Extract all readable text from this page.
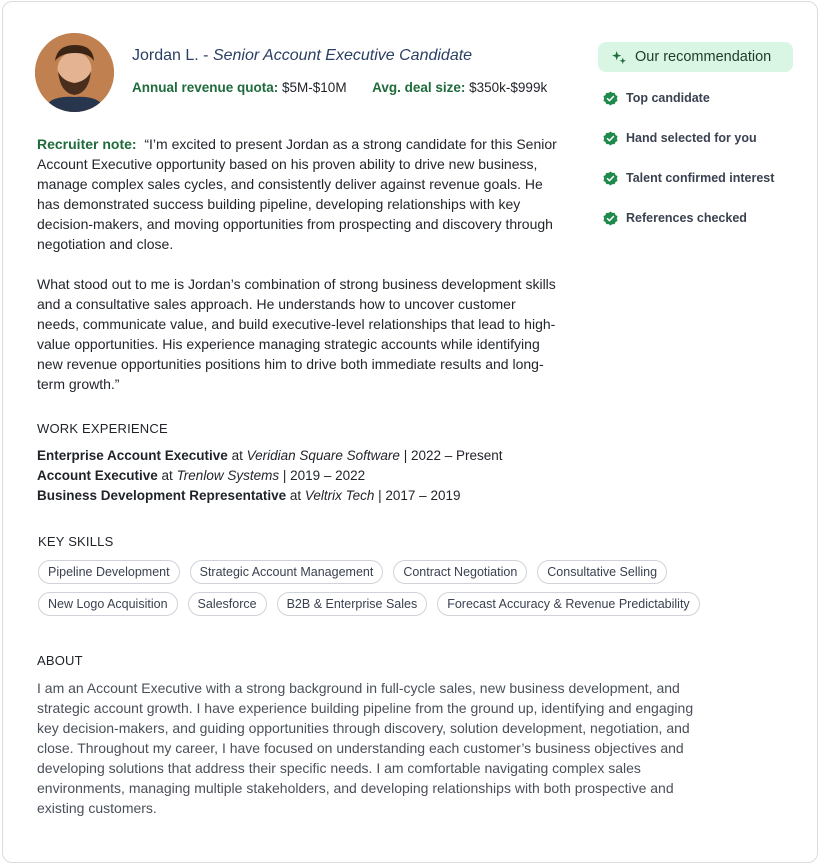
Jordan L. - Senior Account Executive Candidate
Annual revenue quota: $5M-$10M Avg. deal size: $350k-$999k
Our recommendation
Top candidate
Hand selected for you
Talent confirmed interest
References checked

Recruiter note: “I’m excited to present Jordan as a strong candidate for this Senior Account Executive opportunity based on his proven ability to drive new business, manage complex sales cycles, and consistently deliver against revenue goals. He has demonstrated success building pipeline, developing relationships with key decision-makers, and moving opportunities from prospecting and discovery through negotiation and close.

What stood out to me is Jordan’s combination of strong business development skills and a consultative sales approach. He understands how to uncover customer needs, communicate value, and build executive-level relationships that lead to high-value opportunities. His experience managing strategic accounts while identifying new revenue opportunities positions him to drive both immediate results and long-term growth.”

WORK EXPERIENCE
Enterprise Account Executive at Veridian Square Software | 2022 – Present
Account Executive at Trenlow Systems | 2019 – 2022
Business Development Representative at Veltrix Tech | 2017 – 2019
KEY SKILLS
Pipeline Development	Strategic Account Management	Contract Negotiation	Consultative Selling
New Logo Acquisition	Salesforce	B2B & Enterprise Sales	Forecast Accuracy & Revenue Predictability
ABOUT
I am an Account Executive with a strong background in full-cycle sales, new business development, and strategic account growth. I have experience building pipeline from the ground up, identifying and engaging key decision-makers, and guiding opportunities through discovery, solution development, negotiation, and close. Throughout my career, I have focused on understanding each customer’s business objectives and developing solutions that address their specific needs. I am comfortable navigating complex sales environments, managing multiple stakeholders, and developing relationships with both prospective and existing customers.
